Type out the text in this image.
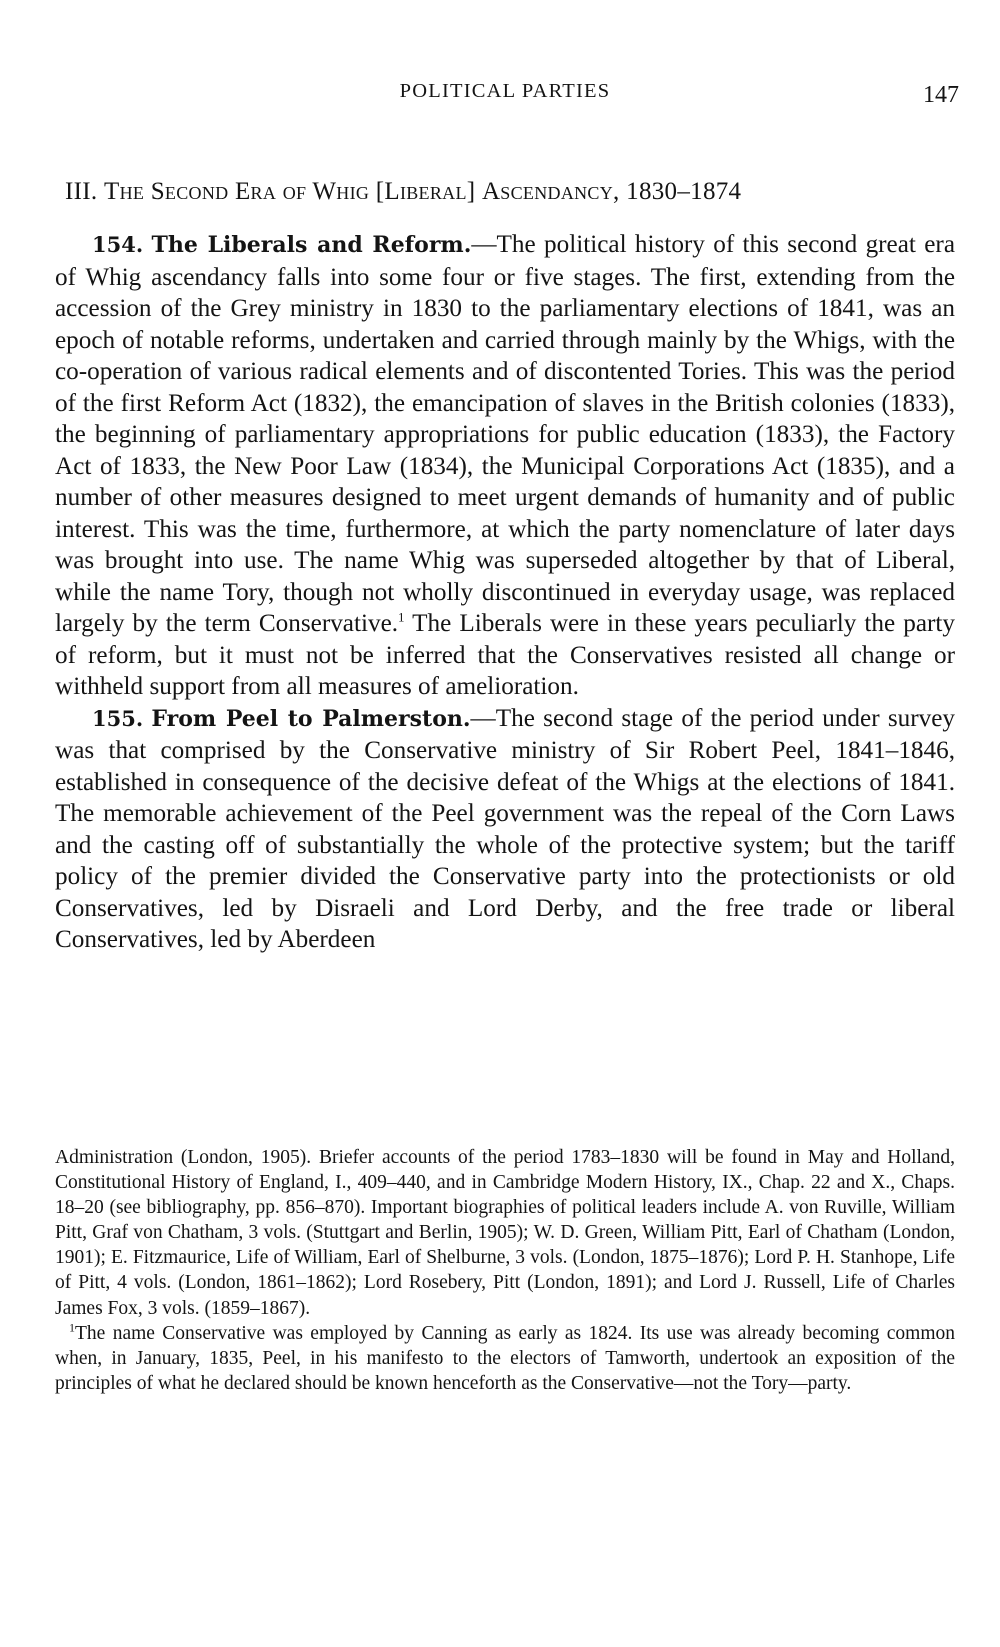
POLITICAL PARTIES	147
III. The Second Era of Whig [Liberal] Ascendancy, 1830–1874

154. The Liberals and Reform.—The political history of this second great era of Whig ascendancy falls into some four or five stages. The first, extending from the accession of the Grey ministry in 1830 to the parliamentary elections of 1841, was an epoch of notable reforms, undertaken and carried through mainly by the Whigs, with the co-operation of various radical elements and of discontented Tories. This was the period of the first Reform Act (1832), the emancipation of slaves in the British colonies (1833), the beginning of parliamentary appropriations for public education (1833), the Factory Act of 1833, the New Poor Law (1834), the Municipal Corporations Act (1835), and a number of other measures designed to meet urgent demands of humanity and of public interest. This was the time, furthermore, at which the party nomenclature of later days was brought into use. The name Whig was superseded altogether by that of Liberal, while the name Tory, though not wholly discontinued in everyday usage, was replaced largely by the term Conservative.$^1$ The Liberals were in these years peculiarly the party of reform, but it must not be inferred that the Conservatives resisted all change or withheld support from all measures of amelioration.

155. From Peel to Palmerston.—The second stage of the period under survey was that comprised by the Conservative ministry of Sir Robert Peel, 1841–1846, established in consequence of the decisive defeat of the Whigs at the elections of 1841. The memorable achievement of the Peel government was the repeal of the Corn Laws and the casting off of substantially the whole of the protective system; but the tariff policy of the premier divided the Conservative party into the protectionists or old Conservatives, led by Disraeli and Lord Derby, and the free trade or liberal Conservatives, led by Aberdeen

Administration (London, 1905). Briefer accounts of the period 1783–1830 will be found in May and Holland, Constitutional History of England, I., 409–440, and in Cambridge Modern History, IX., Chap. 22 and X., Chaps. 18–20 (see bibliography, pp. 856–870). Important biographies of political leaders include A. von Ruville, William Pitt, Graf von Chatham, 3 vols. (Stuttgart and Berlin, 1905); W. D. Green, William Pitt, Earl of Chatham (London, 1901); E. Fitzmaurice, Life of William, Earl of Shelburne, 3 vols. (London, 1875–1876); Lord P. H. Stanhope, Life of Pitt, 4 vols. (London, 1861–1862); Lord Rosebery, Pitt (London, 1891); and Lord J. Russell, Life of Charles James Fox, 3 vols. (1859–1867).

$^1$The name Conservative was employed by Canning as early as 1824. Its use was already becoming common when, in January, 1835, Peel, in his manifesto to the electors of Tamworth, undertook an exposition of the principles of what he declared should be known henceforth as the Conservative—not the Tory—party.
